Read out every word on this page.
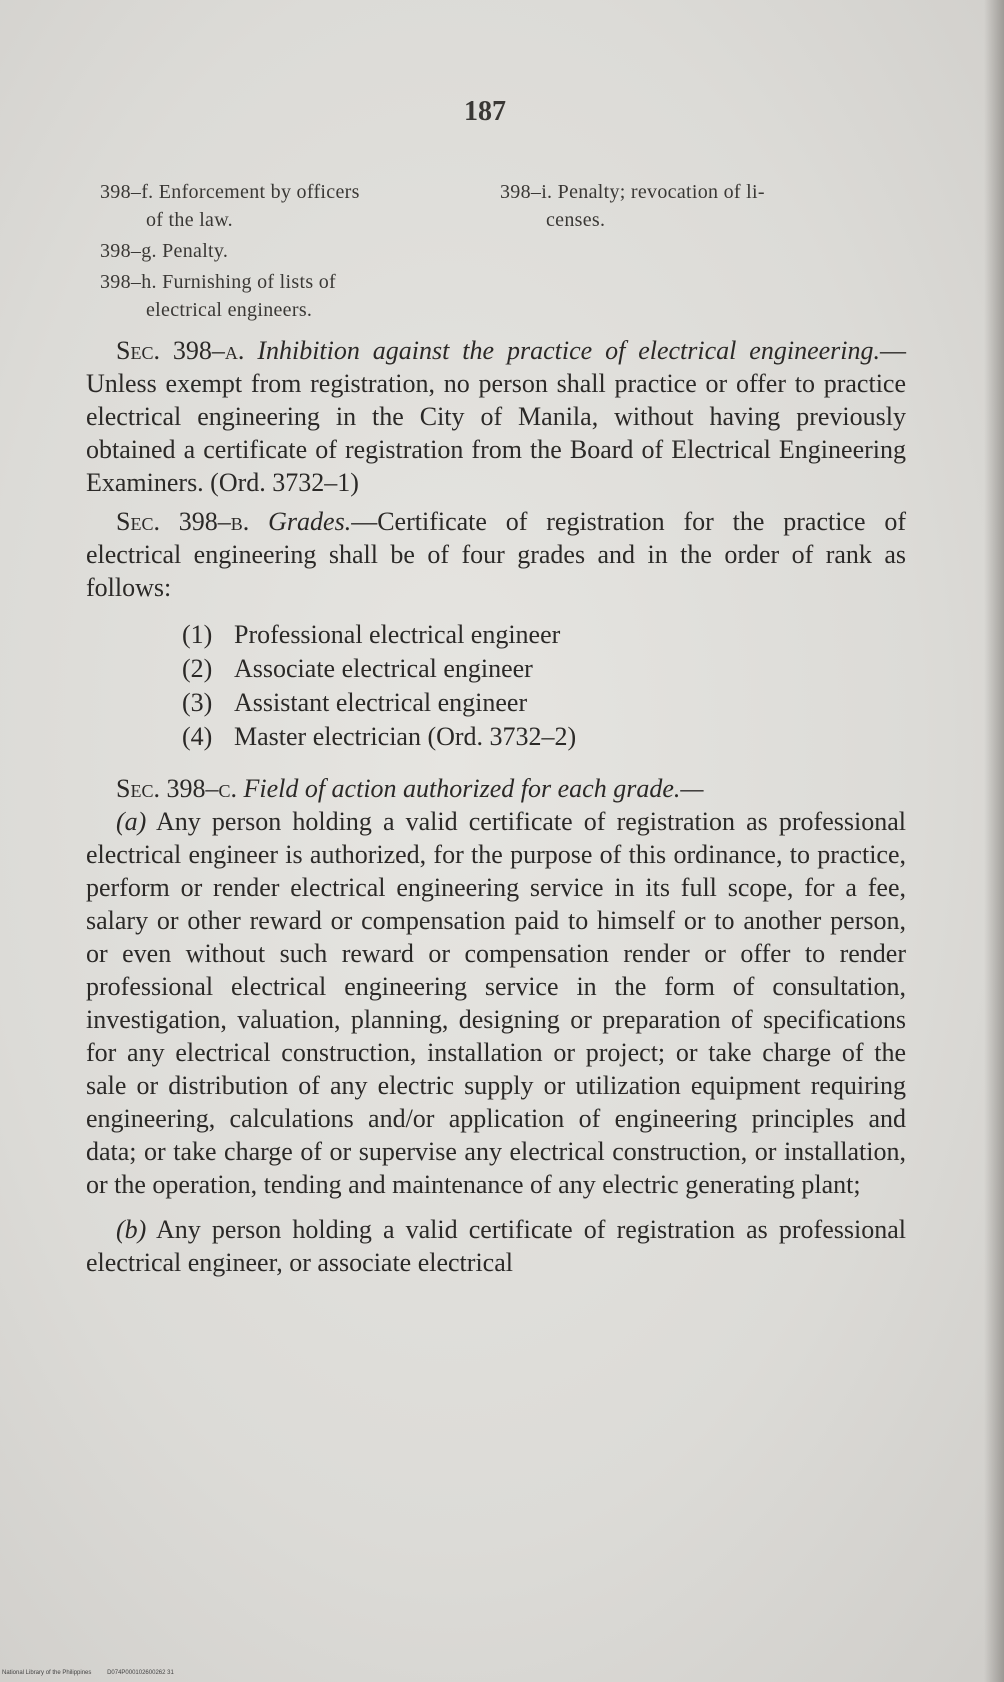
187
398–f. Enforcement by officers
of the law.
398–g. Penalty.
398–h. Furnishing of lists of
electrical engineers.
398–i. Penalty; revocation of li-
censes.

Sec. 398–a. Inhibition against the practice of electrical engineering.—Unless exempt from registration, no person shall practice or offer to practice electrical engineering in the City of Manila, without having previously obtained a certificate of registration from the Board of Electrical Engineering Examiners. (Ord. 3732–1)

Sec. 398–b. Grades.—Certificate of registration for the practice of electrical engineering shall be of four grades and in the order of rank as follows:

(1) Professional electrical engineer

(2) Associate electrical engineer

(3) Assistant electrical engineer

(4) Master electrician (Ord. 3732–2)

Sec. 398–c. Field of action authorized for each grade.—

(a) Any person holding a valid certificate of registration as professional electrical engineer is authorized, for the purpose of this ordinance, to practice, perform or render electrical engineering service in its full scope, for a fee, salary or other reward or compensation paid to himself or to another person, or even without such reward or compensation render or offer to render professional electrical engineering service in the form of consultation, investigation, valuation, planning, designing or preparation of specifications for any electrical construction, installation or project; or take charge of the sale or distribution of any electric supply or utilization equipment requiring engineering, calculations and/or application of engineering principles and data; or take charge of or supervise any electrical construction, or installation, or the operation, tending and maintenance of any electric generating plant;

(b) Any person holding a valid certificate of registration as professional electrical engineer, or associate electrical

National Library of the Philippines	D074P000102600262 31
